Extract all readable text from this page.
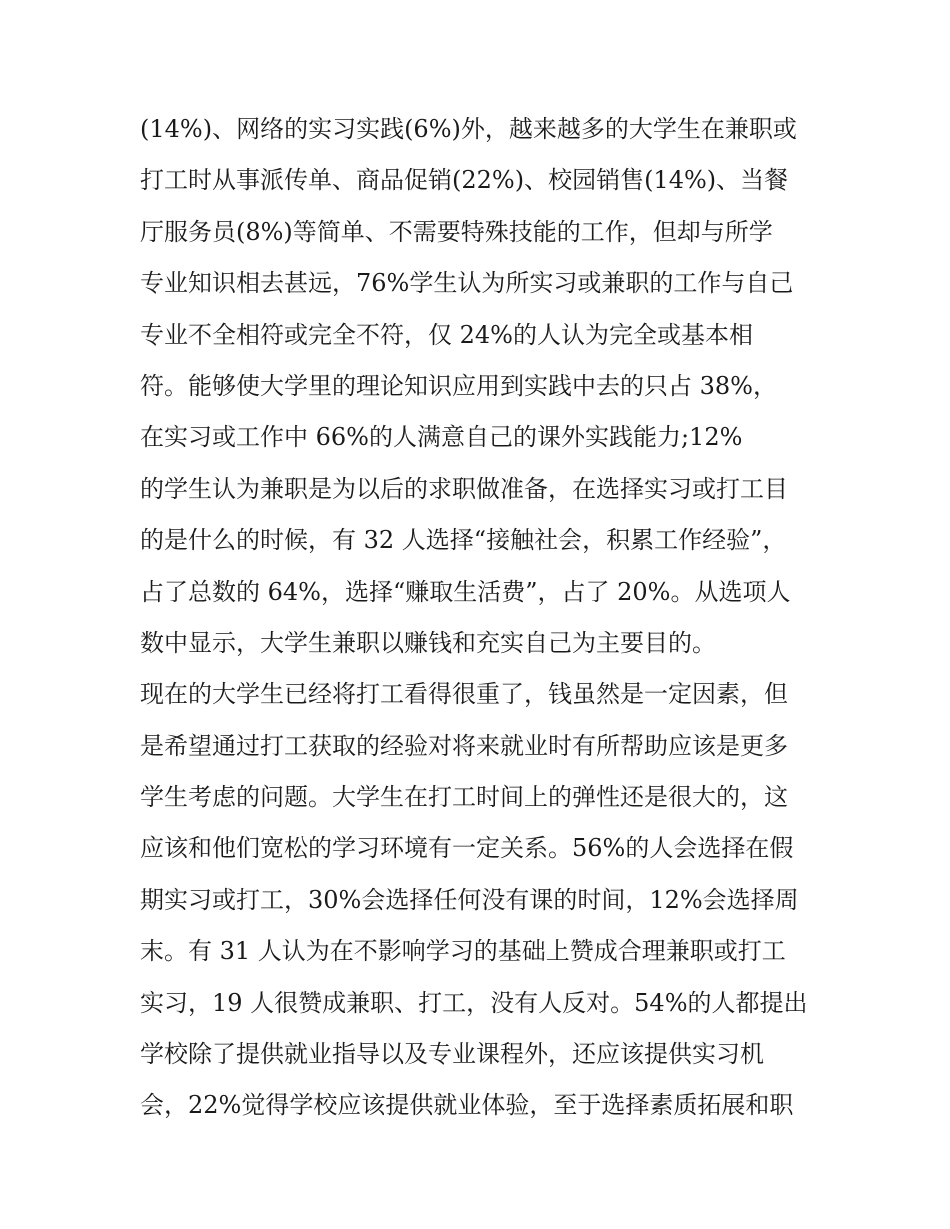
(14%)、网络的实习实践(6%)外，越来越多的大学生在兼职或
打工时从事派传单、商品促销(22%)、校园销售(14%)、当餐
厅服务员(8%)等简单、不需要特殊技能的工作，但却与所学
专业知识相去甚远，76%学生认为所实习或兼职的工作与自己
专业不全相符或完全不符，仅 24%的人认为完全或基本相
符。能够使大学里的理论知识应用到实践中去的只占 38%，
在实习或工作中 66%的人满意自己的课外实践能力;12%
的学生认为兼职是为以后的求职做准备，在选择实习或打工目
的是什么的时候，有 32 人选择“接触社会，积累工作经验”，
占了总数的 64%，选择“赚取生活费”，占了 20%。从选项人
数中显示，大学生兼职以赚钱和充实自己为主要目的。
现在的大学生已经将打工看得很重了，钱虽然是一定因素，但
是希望通过打工获取的经验对将来就业时有所帮助应该是更多
学生考虑的问题。大学生在打工时间上的弹性还是很大的，这
应该和他们宽松的学习环境有一定关系。56%的人会选择在假
期实习或打工，30%会选择任何没有课的时间，12%会选择周
末。有 31 人认为在不影响学习的基础上赞成合理兼职或打工
实习，19 人很赞成兼职、打工，没有人反对。54%的人都提出
学校除了提供就业指导以及专业课程外，还应该提供实习机
会，22%觉得学校应该提供就业体验，至于选择素质拓展和职
